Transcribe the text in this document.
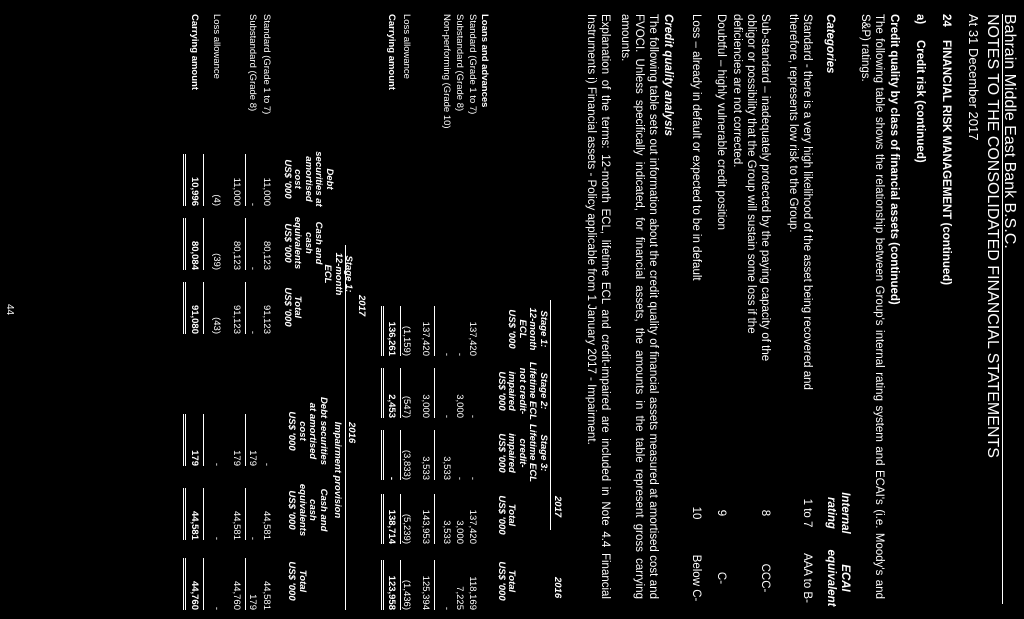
Bahrain Middle East Bank B.S.C.
NOTES TO THE CONSOLIDATED FINANCIAL STATEMENTS
At 31 December 2017
24
FINANCIAL RISK MANAGEMENT (continued)
a)
Credit risk (continued)
Credit quality by class of financial assets (continued)
The following table shows the relationship between Group's internal rating system and ECAI's (i.e. Moody's and S&P) ratings.
Categories
Internal
rating
ECAI
equivalent
Standard - there is a very high likelihood of the asset being recovered and therefore, represents low risk to the Group.
1 to 7
AAA to B-
Sub-standard – inadequately protected by the paying capacity of the obligor or possibility that the Group will sustain some loss if the deficiencies are not corrected.
8
CCC-
Doubtful – highly vulnerable credit position
9
C-
Loss – already in default or expected to be in default
10
Below C-
Credit quality analysis
The following table sets out information about the credit quality of financial assets measured at amortised cost and FVOCI. Unless specifically indicated, for financial assets, the amounts in the table represent gross carrying amounts.
Explanation of the terms: 12-month ECL, lifetime ECL and credit-impaired are included in Note 4.4 Financial Instruments i) Financial assets - Policy applicable from 1 January 2017 - Impairment.
2017
2016
Stage 1:
12-month
ECL
US$ '000
Stage 2:
Lifetime ECL
not credit-
impaired
US$ '000
Stage 3:
Lifetime ECL
credit-
impaired
US$ '000

Total
US$ '000

Total
US$ '000
Loans and advances
Standard (Grade 1 to 7)
137,420
-
-
137,420
118,169
Substandard (Grade 8)
-
3,000
-
3,000
7,225
Non-performing (Grade 10)
-
-
3,533
3,533
-
137,420
3,000
3,533
143,953
125,394
Loss allowance
(1,159)
(547)
(3,833)
(5,239)
(1,436)
Carrying amount
136,261
2,453
-
138,714
123,958
2017
2016
Debt
securities at
amortised
cost
US$ '000

Cash and
cash
equivalents
US$ '000

Stage 1:
12-month
ECL

Total
US$ '000
Impairment provision
Debt securities
at amortised
cost
US$ '000
Cash and
cash
equivalents
US$ '000

Total
US$ '000
Standard (Grade 1 to 7)
11,000
80,123
91,123
-
44,581
44,581
Substandard (Grade 8)
-
-
-
179
-
179
11,000
80,123
91,123
179
44,581
44,760
Loss allowance
(4)
(39)
(43)
-
-
-
Carrying amount
10,996
80,084
91,080
179
44,581
44,760
44
